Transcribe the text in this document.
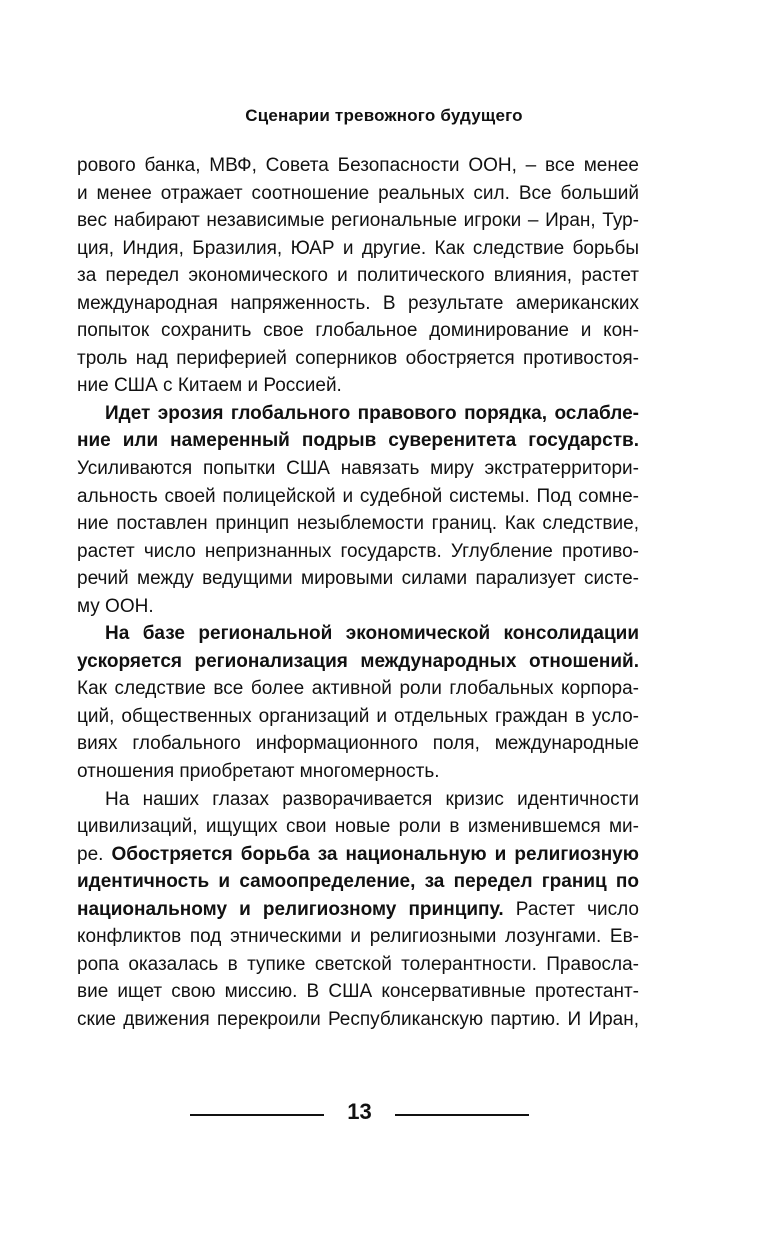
Сценарии тревожного будущего
рового банка, МВФ, Совета Безопасности ООН, – все менее
и менее отражает соотношение реальных сил. Все больший
вес набирают независимые региональные игроки – Иран, Тур-
ция, Индия, Бразилия, ЮАР и другие. Как следствие борьбы
за передел экономического и политического влияния, растет
международная напряженность. В результате американских
попыток сохранить свое глобальное доминирование и кон-
троль над периферией соперников обостряется противостоя-
ние США с Китаем и Россией.
Идет эрозия глобального правового порядка, ослабле-
ние или намеренный подрыв суверенитета государств.
Усиливаются попытки США навязать миру экстратерритори-
альность своей полицейской и судебной системы. Под сомне-
ние поставлен принцип незыблемости границ. Как следствие,
растет число непризнанных государств. Углубление противо-
речий между ведущими мировыми силами парализует систе-
му ООН.
На базе региональной экономической консолидации
ускоряется регионализация международных отношений.
Как следствие все более активной роли глобальных корпора-
ций, общественных организаций и отдельных граждан в усло-
виях глобального информационного поля, международные
отношения приобретают многомерность.
На наших глазах разворачивается кризис идентичности
цивилизаций, ищущих свои новые роли в изменившемся ми-
ре. Обостряется борьба за национальную и религиозную
идентичность и самоопределение, за передел границ по
национальному и религиозному принципу. Растет число
конфликтов под этническими и религиозными лозунгами. Ев-
ропа оказалась в тупике светской толерантности. Правосла-
вие ищет свою миссию. В США консервативные протестант-
ские движения перекроили Республиканскую партию. И Иран,
13
